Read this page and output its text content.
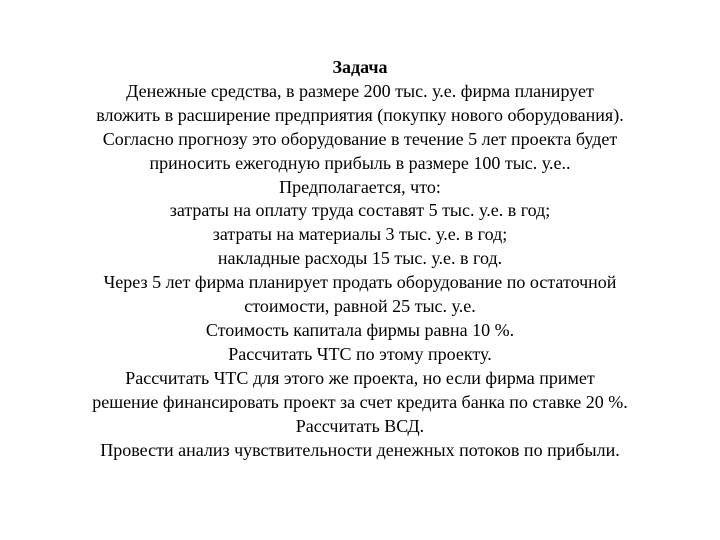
Задача
Денежные средства, в размере 200 тыс. у.е. фирма планирует
вложить в расширение предприятия (покупку нового оборудования).
Согласно прогнозу это оборудование в течение 5 лет проекта будет
приносить ежегодную прибыль в размере 100 тыс. у.е..
Предполагается, что:
затраты на оплату труда составят 5 тыс. у.е. в год;
затраты на материалы 3 тыс. у.е. в год;
накладные расходы 15 тыс. у.е. в год.
Через 5 лет фирма планирует продать оборудование по остаточной
стоимости, равной 25 тыс. у.е.
Стоимость капитала фирмы равна 10 %.
Рассчитать ЧТС по этому проекту.
Рассчитать ЧТС для этого же проекта, но если фирма примет
решение финансировать проект за счет кредита банка по ставке 20 %.
Рассчитать ВСД.
Провести анализ чувствительности денежных потоков по прибыли.
